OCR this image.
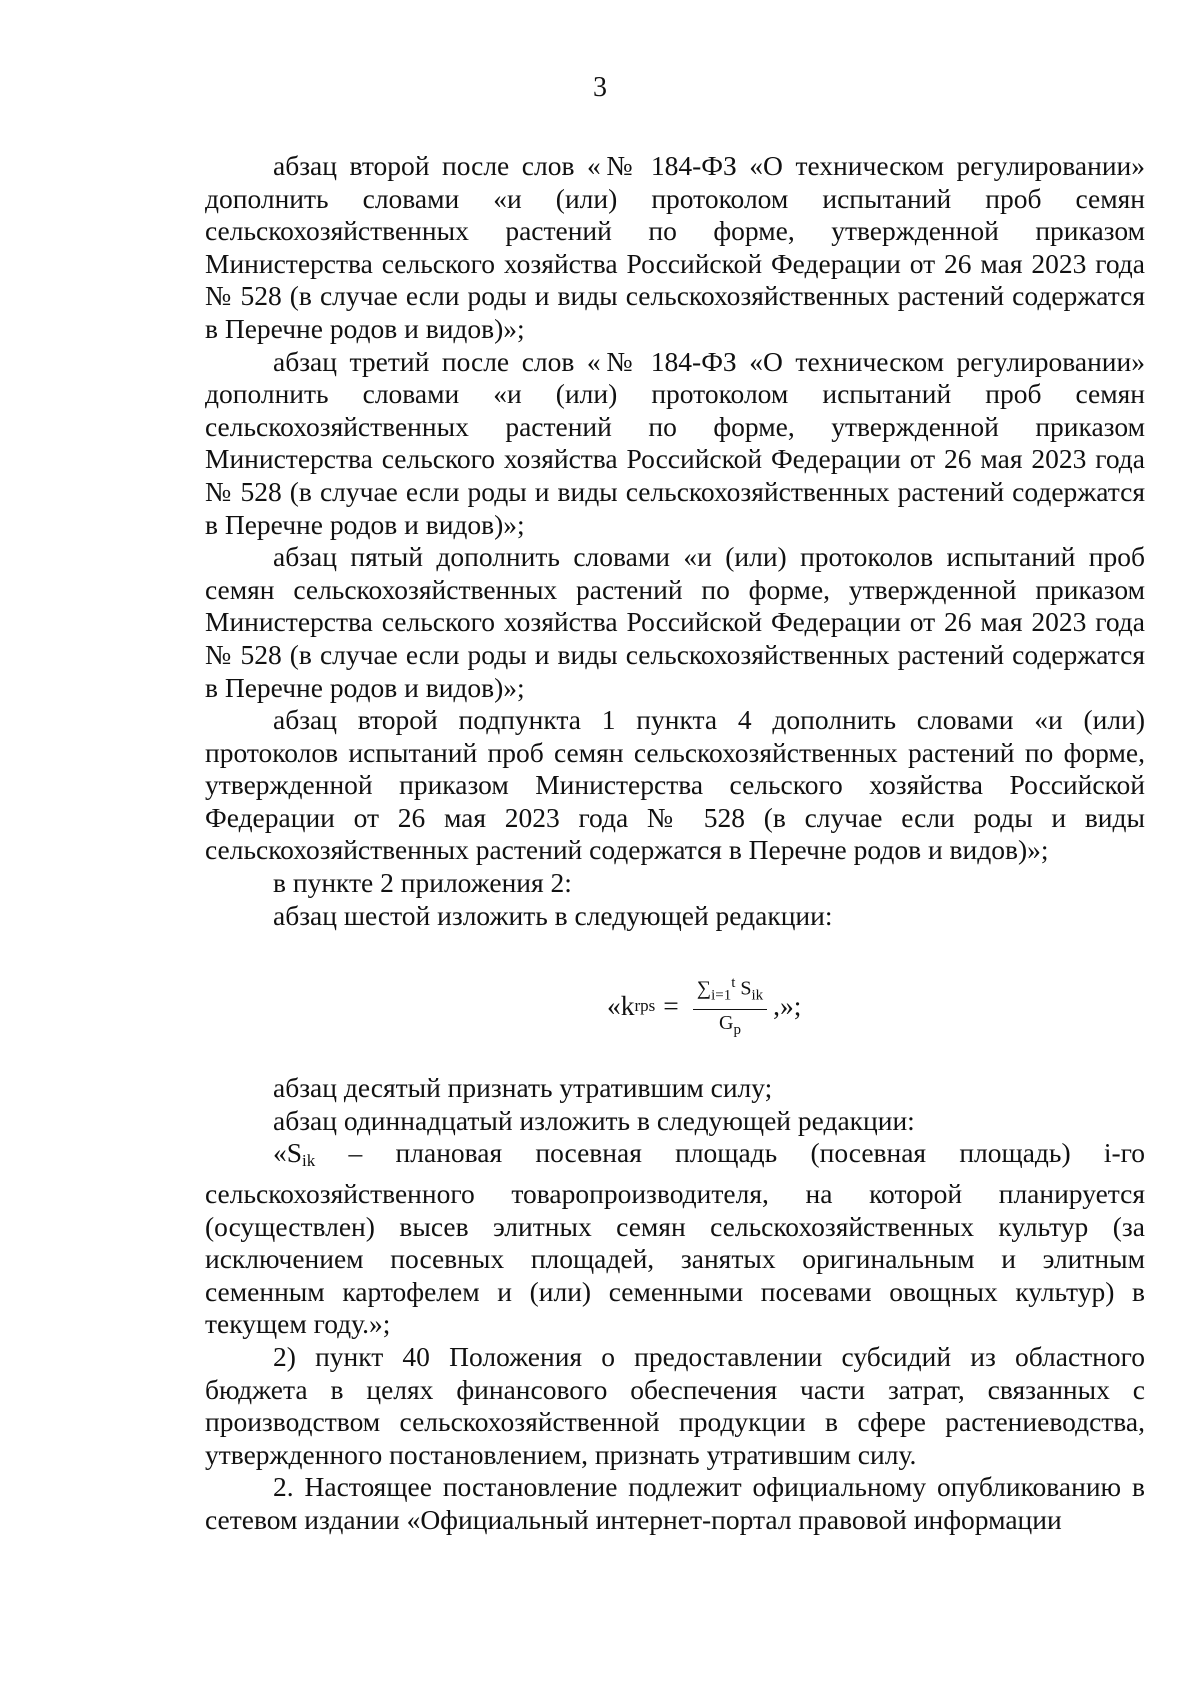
3

абзац второй после слов «№ 184-ФЗ «О техническом регулировании» дополнить словами «и (или) протоколом испытаний проб семян сельскохозяйственных растений по форме, утвержденной приказом Министерства сельского хозяйства Российской Федерации от 26 мая 2023 года № 528 (в случае если роды и виды сельскохозяйственных растений содержатся в Перечне родов и видов)»;

абзац третий после слов «№ 184-ФЗ «О техническом регулировании» дополнить словами «и (или) протоколом испытаний проб семян сельскохозяйственных растений по форме, утвержденной приказом Министерства сельского хозяйства Российской Федерации от 26 мая 2023 года № 528 (в случае если роды и виды сельскохозяйственных растений содержатся в Перечне родов и видов)»;

абзац пятый дополнить словами «и (или) протоколов испытаний проб семян сельскохозяйственных растений по форме, утвержденной приказом Министерства сельского хозяйства Российской Федерации от 26 мая 2023 года № 528 (в случае если роды и виды сельскохозяйственных растений содержатся в Перечне родов и видов)»;

абзац второй подпункта 1 пункта 4 дополнить словами «и (или) протоколов испытаний проб семян сельскохозяйственных растений по форме, утвержденной приказом Министерства сельского хозяйства Российской Федерации от 26 мая 2023 года № 528 (в случае если роды и виды сельскохозяйственных растений содержатся в Перечне родов и видов)»;

в пункте 2 приложения 2:

абзац шестой изложить в следующей редакции:

«k rps = $\frac{\sum_{i=1}^t S_{ik}}{G_p}$ ,»;

абзац десятый признать утратившим силу;

абзац одиннадцатый изложить в следующей редакции:

«$S_{ik}$ – плановая посевная площадь (посевная площадь) i-го сельскохозяйственного товаропроизводителя, на которой планируется (осуществлен) высев элитных семян сельскохозяйственных культур (за исключением посевных площадей, занятых оригинальным и элитным семенным картофелем и (или) семенными посевами овощных культур) в текущем году.»;

2) пункт 40 Положения о предоставлении субсидий из областного бюджета в целях финансового обеспечения части затрат, связанных с производством сельскохозяйственной продукции в сфере растениеводства, утвержденного постановлением, признать утратившим силу.

2. Настоящее постановление подлежит официальному опубликованию в сетевом издании «Официальный интернет-портал правовой информации
